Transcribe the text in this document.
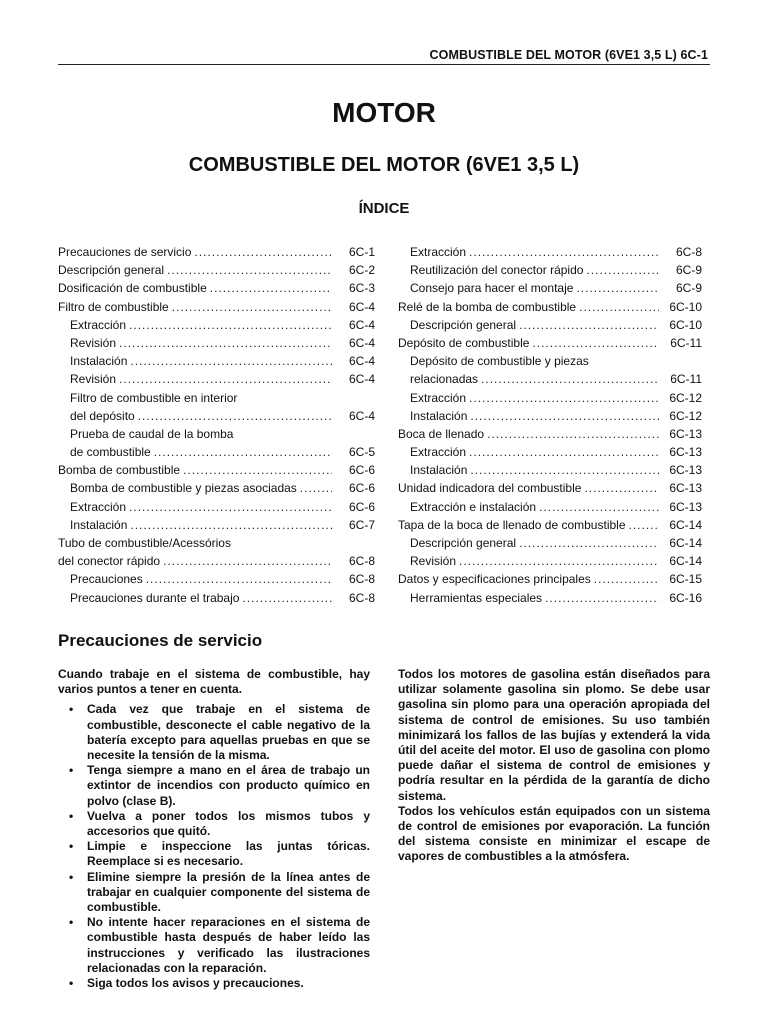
COMBUSTIBLE DEL MOTOR (6VE1 3,5 L) 6C-1
MOTOR
COMBUSTIBLE DEL MOTOR (6VE1 3,5 L)
ÍNDICE
Precauciones de servicio .....	6C-1
Descripción general .....	6C-2
Dosificación de combustible .....	6C-3
Filtro de combustible .....	6C-4
Extracción .....	6C-4
Revisión .....	6C-4
Instalación .....	6C-4
Revisión .....	6C-4
Filtro de combustible en interior
del depósito .....	6C-4
Prueba de caudal de la bomba
de combustible .....	6C-5
Bomba de combustible .....	6C-6
Bomba de combustible y piezas asociadas .....	6C-6
Extracción .....	6C-6
Instalación .....	6C-7
Tubo de combustible/Acessórios
del conector rápido .....	6C-8
Precauciones .....	6C-8
Precauciones durante el trabajo .....	6C-8
Extracción .....	6C-8
Reutilización del conector rápido .....	6C-9
Consejo para hacer el montaje .....	6C-9
Relé de la bomba de combustible .....	6C-10
Descripción general .....	6C-10
Depósito de combustible .....	6C-11
Depósito de combustible y piezas
relacionadas .....	6C-11
Extracción .....	6C-12
Instalación .....	6C-12
Boca de llenado .....	6C-13
Extracción .....	6C-13
Instalación .....	6C-13
Unidad indicadora del combustible .....	6C-13
Extracción e instalación .....	6C-13
Tapa de la boca de llenado de combustible .....	6C-14
Descripción general .....	6C-14
Revisión .....	6C-14
Datos y especificaciones principales .....	6C-15
Herramientas especiales .....	6C-16
Precauciones de servicio

Cuando trabaje en el sistema de combustible, hay varios puntos a tener en cuenta.

• Cada vez que trabaje en el sistema de combustible, desconecte el cable negativo de la batería excepto para aquellas pruebas en que se necesite la tensión de la misma.
• Tenga siempre a mano en el área de trabajo un extintor de incendios con producto químico en polvo (clase B).
• Vuelva a poner todos los mismos tubos y accesorios que quitó.
• Limpie e inspeccione las juntas tóricas. Reemplace si es necesario.
• Elimine siempre la presión de la línea antes de trabajar en cualquier componente del sistema de combustible.
• No intente hacer reparaciones en el sistema de combustible hasta después de haber leído las instrucciones y verificado las ilustraciones relacionadas con la reparación.
• Siga todos los avisos y precauciones.

Todos los motores de gasolina están diseñados para utilizar solamente gasolina sin plomo. Se debe usar gasolina sin plomo para una operación apropiada del sistema de control de emisiones. Su uso también minimizará los fallos de las bujías y extenderá la vida útil del aceite del motor. El uso de gasolina con plomo puede dañar el sistema de control de emisiones y podría resultar en la pérdida de la garantía de dicho sistema.

Todos los vehículos están equipados con un sistema de control de emisiones por evaporación. La función del sistema consiste en minimizar el escape de vapores de combustibles a la atmósfera.
